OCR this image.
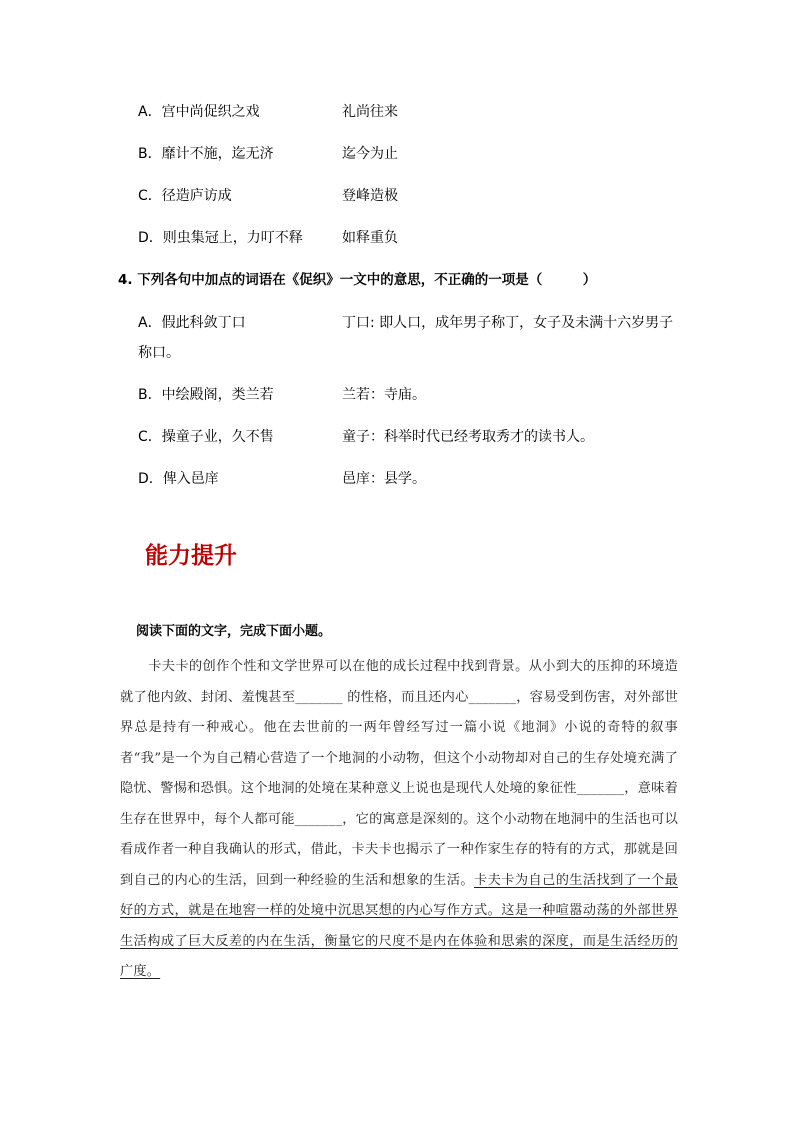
A．宫中尚促织之戏	礼尚往来
B．靡计不施，迄无济	迄今为止
C．径造庐访成	登峰造极
D．则虫集冠上，力叮不释	如释重负
4. 下列各句中加点的词语在《促织》一文中的意思，不正确的一项是（　　　）
A．假此科敛丁口	丁口: 即人口，成年男子称丁，女子及未满十六岁男子
称口。
B．中绘殿阁，类兰若	兰若：寺庙。
C．操童子业，久不售	童子：科举时代已经考取秀才的读书人。
D．俾入邑庠	邑庠：县学。
能力提升
阅读下面的文字，完成下面小题。
卡夫卡的创作个性和文学世界可以在他的成长过程中找到背景。从小到大的压抑的环境造就了他内敛、封闭、羞愧甚至_______ 的性格，而且还内心_______，容易受到伤害，对外部世界总是持有一种戒心。他在去世前的一两年曾经写过一篇小说《地洞》小说的奇特的叙事者“我”是一个为自己精心营造了一个地洞的小动物，但这个小动物却对自己的生存处境充满了隐忧、警惕和恐惧。这个地洞的处境在某种意义上说也是现代人处境的象征性_______，意味着生存在世界中，每个人都可能_______，它的寓意是深刻的。这个小动物在地洞中的生活也可以看成作者一种自我确认的形式，借此，卡夫卡也揭示了一种作家生存的特有的方式，那就是回到自己的内心的生活，回到一种经验的生活和想象的生活。卡夫卡为自己的生活找到了一个最好的方式，就是在地窖一样的处境中沉思冥想的内心写作方式。这是一种喧嚣动荡的外部世界生活构成了巨大反差的内在生活，衡量它的尺度不是内在体验和思索的深度，而是生活经历的广度。
